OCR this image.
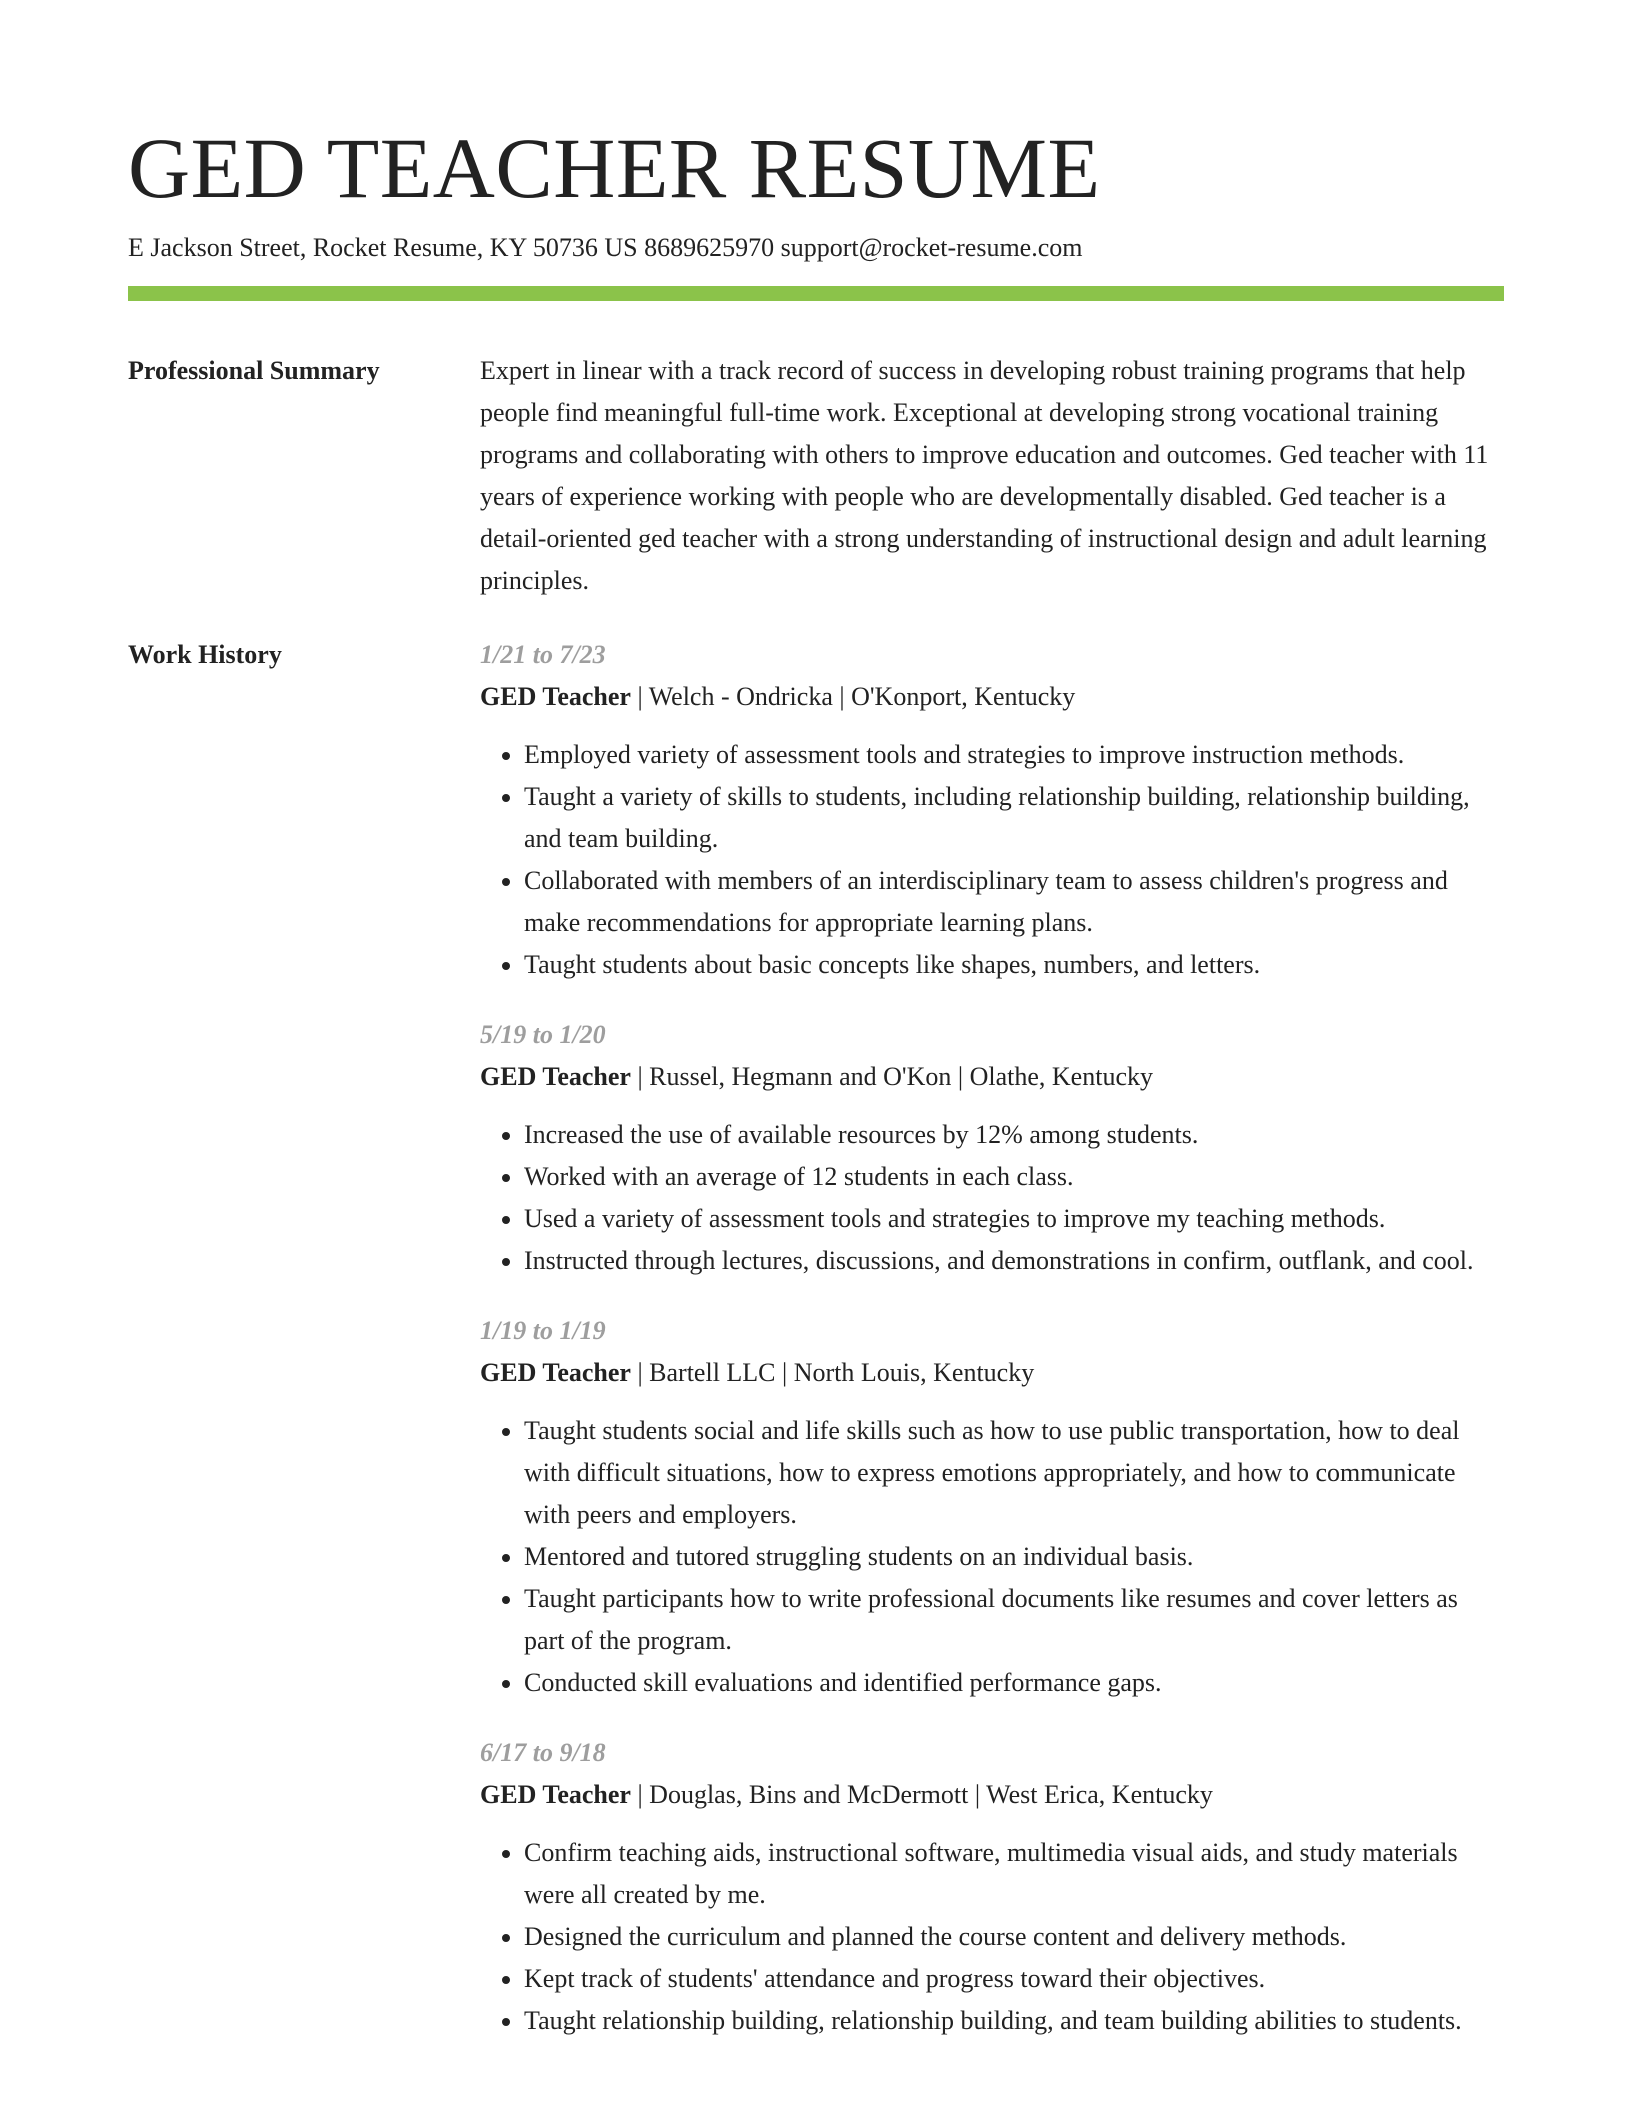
GED TEACHER RESUME
E Jackson Street, Rocket Resume, KY 50736 US 8689625970 support@rocket-resume.com
Professional Summary	Expert in linear with a track record of success in developing robust training programs that help people find meaningful full-time work. Exceptional at developing strong vocational training programs and collaborating with others to improve education and outcomes. Ged teacher with 11 years of experience working with people who are developmentally disabled. Ged teacher is a detail-oriented ged teacher with a strong understanding of instructional design and adult learning principles.

Work History	1/21 to 7/23
GED Teacher | Welch - Ondricka | O'Konport, Kentucky
• Employed variety of assessment tools and strategies to improve instruction methods.
• Taught a variety of skills to students, including relationship building, relationship building, and team building.
• Collaborated with members of an interdisciplinary team to assess children's progress and make recommendations for appropriate learning plans.
• Taught students about basic concepts like shapes, numbers, and letters.
5/19 to 1/20
GED Teacher | Russel, Hegmann and O'Kon | Olathe, Kentucky
• Increased the use of available resources by 12% among students.
• Worked with an average of 12 students in each class.
• Used a variety of assessment tools and strategies to improve my teaching methods.
• Instructed through lectures, discussions, and demonstrations in confirm, outflank, and cool.
1/19 to 1/19
GED Teacher | Bartell LLC | North Louis, Kentucky
• Taught students social and life skills such as how to use public transportation, how to deal with difficult situations, how to express emotions appropriately, and how to communicate with peers and employers.
• Mentored and tutored struggling students on an individual basis.
• Taught participants how to write professional documents like resumes and cover letters as part of the program.
• Conducted skill evaluations and identified performance gaps.
6/17 to 9/18
GED Teacher | Douglas, Bins and McDermott | West Erica, Kentucky
• Confirm teaching aids, instructional software, multimedia visual aids, and study materials were all created by me.
• Designed the curriculum and planned the course content and delivery methods.
• Kept track of students' attendance and progress toward their objectives.
• Taught relationship building, relationship building, and team building abilities to students.
